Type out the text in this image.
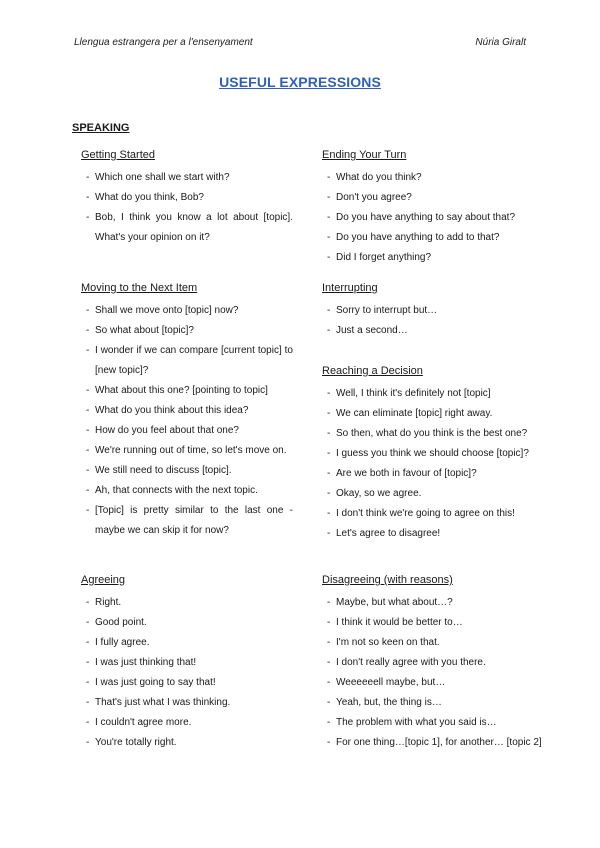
Llengua estrangera per a l'ensenyament	Núria Giralt
USEFUL EXPRESSIONS
SPEAKING
Getting Started
- Which one shall we start with?
- What do you think, Bob?
- Bob, I think you know a lot about [topic]. What's your opinion on it?
Ending Your Turn
- What do you think?
- Don't you agree?
- Do you have anything to say about that?
- Do you have anything to add to that?
- Did I forget anything?
Moving to the Next Item
- Shall we move onto [topic] now?
- So what about [topic]?
- I wonder if we can compare [current topic] to [new topic]?
- What about this one? [pointing to topic]
- What do you think about this idea?
- How do you feel about that one?
- We're running out of time, so let's move on.
- We still need to discuss [topic].
- Ah, that connects with the next topic.
- [Topic] is pretty similar to the last one - maybe we can skip it for now?
Interrupting
- Sorry to interrupt but…
- Just a second…
Reaching a Decision
- Well, I think it's definitely not [topic]
- We can eliminate [topic] right away.
- So then, what do you think is the best one?
- I guess you think we should choose [topic]?
- Are we both in favour of [topic]?
- Okay, so we agree.
- I don't think we're going to agree on this!
- Let's agree to disagree!
Agreeing
- Right.
- Good point.
- I fully agree.
- I was just thinking that!
- I was just going to say that!
- That's just what I was thinking.
- I couldn't agree more.
- You're totally right.
Disagreeing (with reasons)
- Maybe, but what about…?
- I think it would be better to…
- I'm not so keen on that.
- I don't really agree with you there.
- Weeeeeell maybe, but…
- Yeah, but, the thing is…
- The problem with what you said is…
- For one thing…[topic 1], for another… [topic 2]
